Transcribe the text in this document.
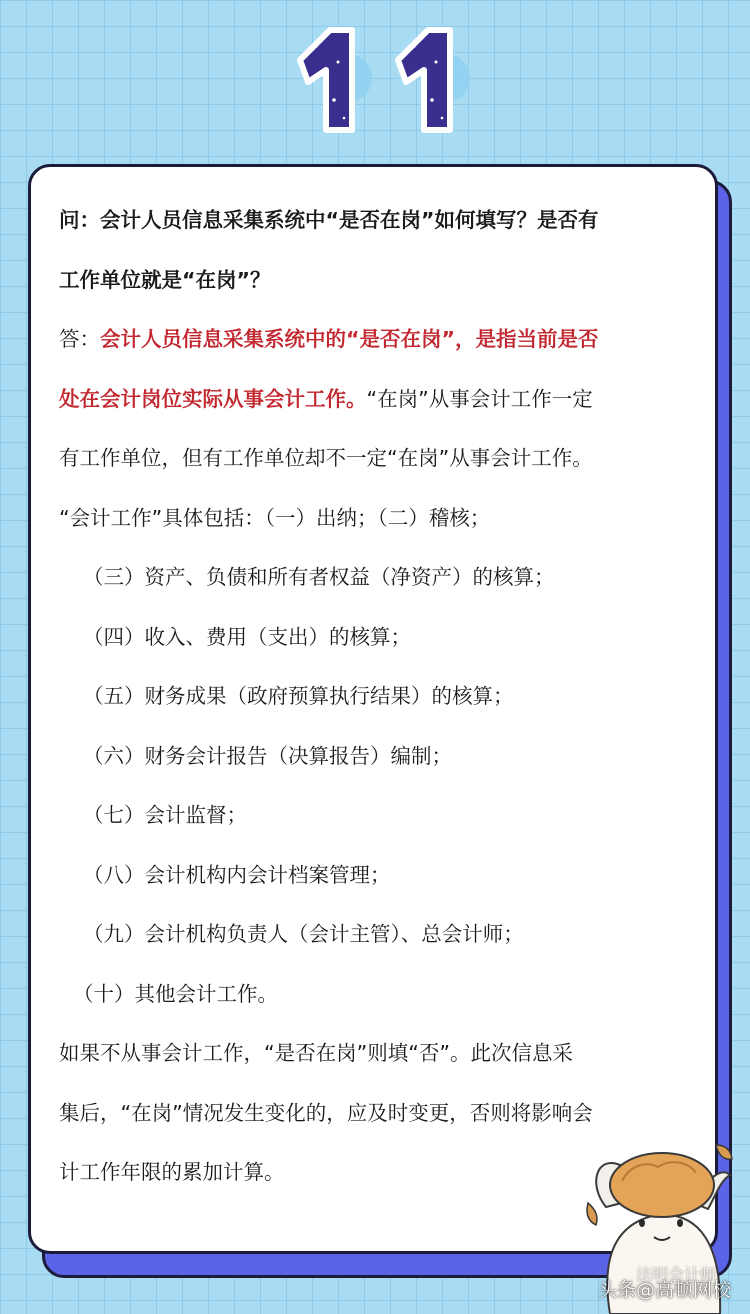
问：会计人员信息采集系统中“是否在岗”如何填写？是否有
工作单位就是“在岗”？
答：会计人员信息采集系统中的“是否在岗”，是指当前是否
处在会计岗位实际从事会计工作。“在岗”从事会计工作一定
有工作单位，但有工作单位却不一定“在岗”从事会计工作。
“会计工作”具体包括：（一）出纳；（二）稽核；
（三）资产、负债和所有者权益（净资产）的核算；
（四）收入、费用（支出）的核算；
（五）财务成果（政府预算执行结果）的核算；
（六）财务会计报告（决算报告）编制；
（七）会计监督；
（八）会计机构内会计档案管理；
（九）会计机构负责人（会计主管）、总会计师；
（十）其他会计工作。
如果不从事会计工作，“是否在岗”则填“否”。此次信息采
集后，“在岗”情况发生变化的，应及时变更，否则将影响会
计工作年限的累加计算。
法明会计师
头条@高顿网校
